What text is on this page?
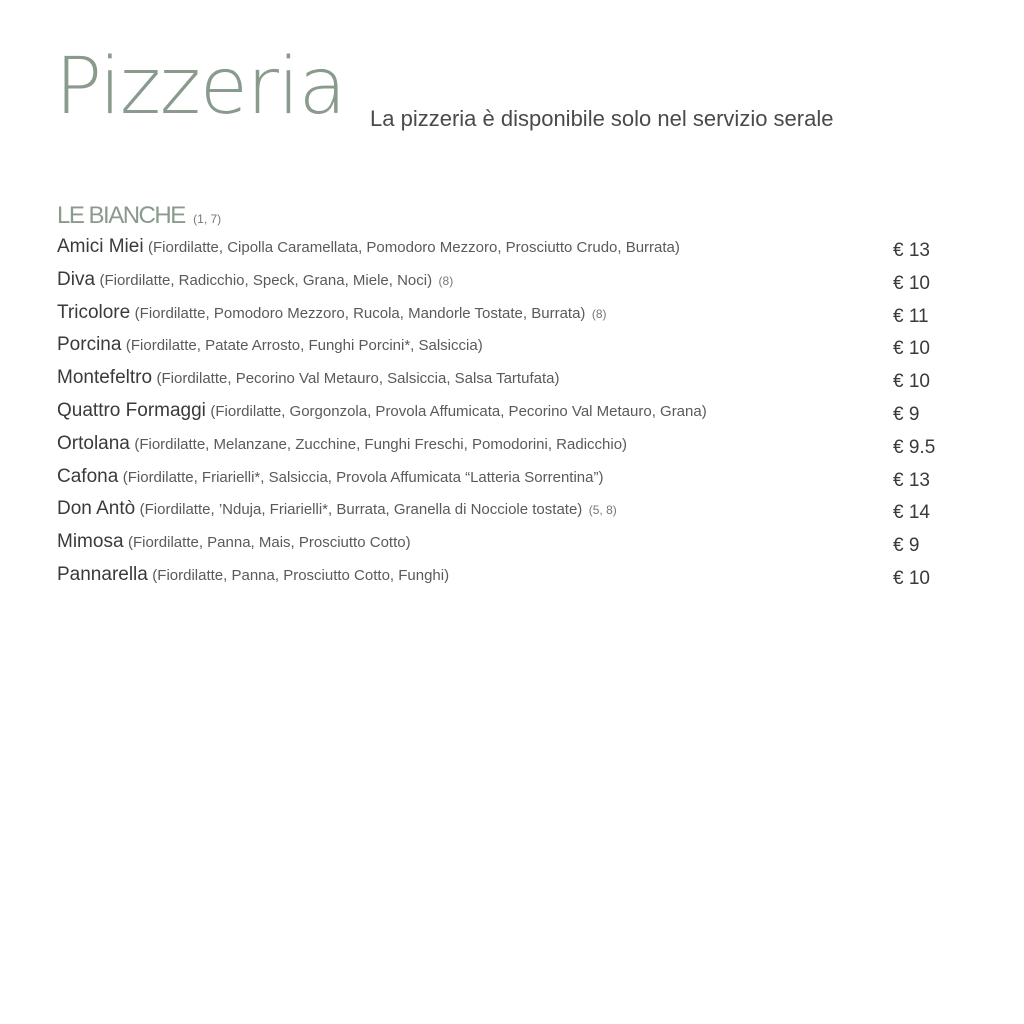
Pizzeria La pizzeria è disponibile solo nel servizio serale
LE BIANCHE (1, 7)
Amici Miei (Fiordilatte, Cipolla Caramellata, Pomodoro Mezzoro, Prosciutto Crudo, Burrata)	€ 13
Diva (Fiordilatte, Radicchio, Speck, Grana, Miele, Noci) (8)	€ 10
Tricolore (Fiordilatte, Pomodoro Mezzoro, Rucola, Mandorle Tostate, Burrata) (8)	€ 11
Porcina (Fiordilatte, Patate Arrosto, Funghi Porcini*, Salsiccia)	€ 10
Montefeltro (Fiordilatte, Pecorino Val Metauro, Salsiccia, Salsa Tartufata)	€ 10
Quattro Formaggi (Fiordilatte, Gorgonzola, Provola Affumicata, Pecorino Val Metauro, Grana)	€ 9
Ortolana (Fiordilatte, Melanzane, Zucchine, Funghi Freschi, Pomodorini, Radicchio)	€ 9.5
Cafona (Fiordilatte, Friarielli*, Salsiccia, Provola Affumicata “Latteria Sorrentina”)	€ 13
Don Antò (Fiordilatte, ’Nduja, Friarielli*, Burrata, Granella di Nocciole tostate) (5, 8)	€ 14
Mimosa (Fiordilatte, Panna, Mais, Prosciutto Cotto)	€ 9
Pannarella (Fiordilatte, Panna, Prosciutto Cotto, Funghi)	€ 10
